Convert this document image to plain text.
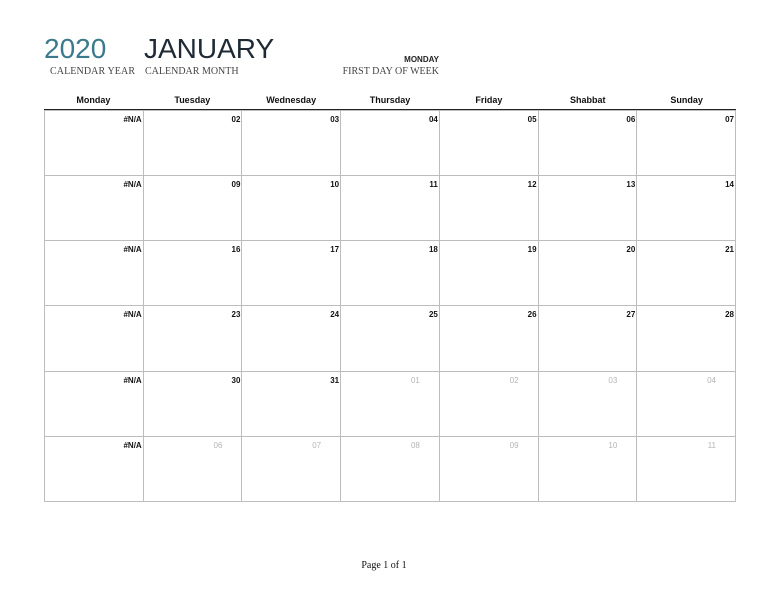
2020
CALENDAR YEAR
JANUARY
CALENDAR MONTH
MONDAY
FIRST DAY OF WEEK
Monday	Tuesday	Wednesday	Thursday	Friday	Shabbat	Sunday
#N/A	02	03	04	05	06	07
#N/A	09	10	11	12	13	14
#N/A	16	17	18	19	20	21
#N/A	23	24	25	26	27	28
#N/A	30	31	01	02	03	04
#N/A	06	07	08	09	10	11
Page 1 of 1
